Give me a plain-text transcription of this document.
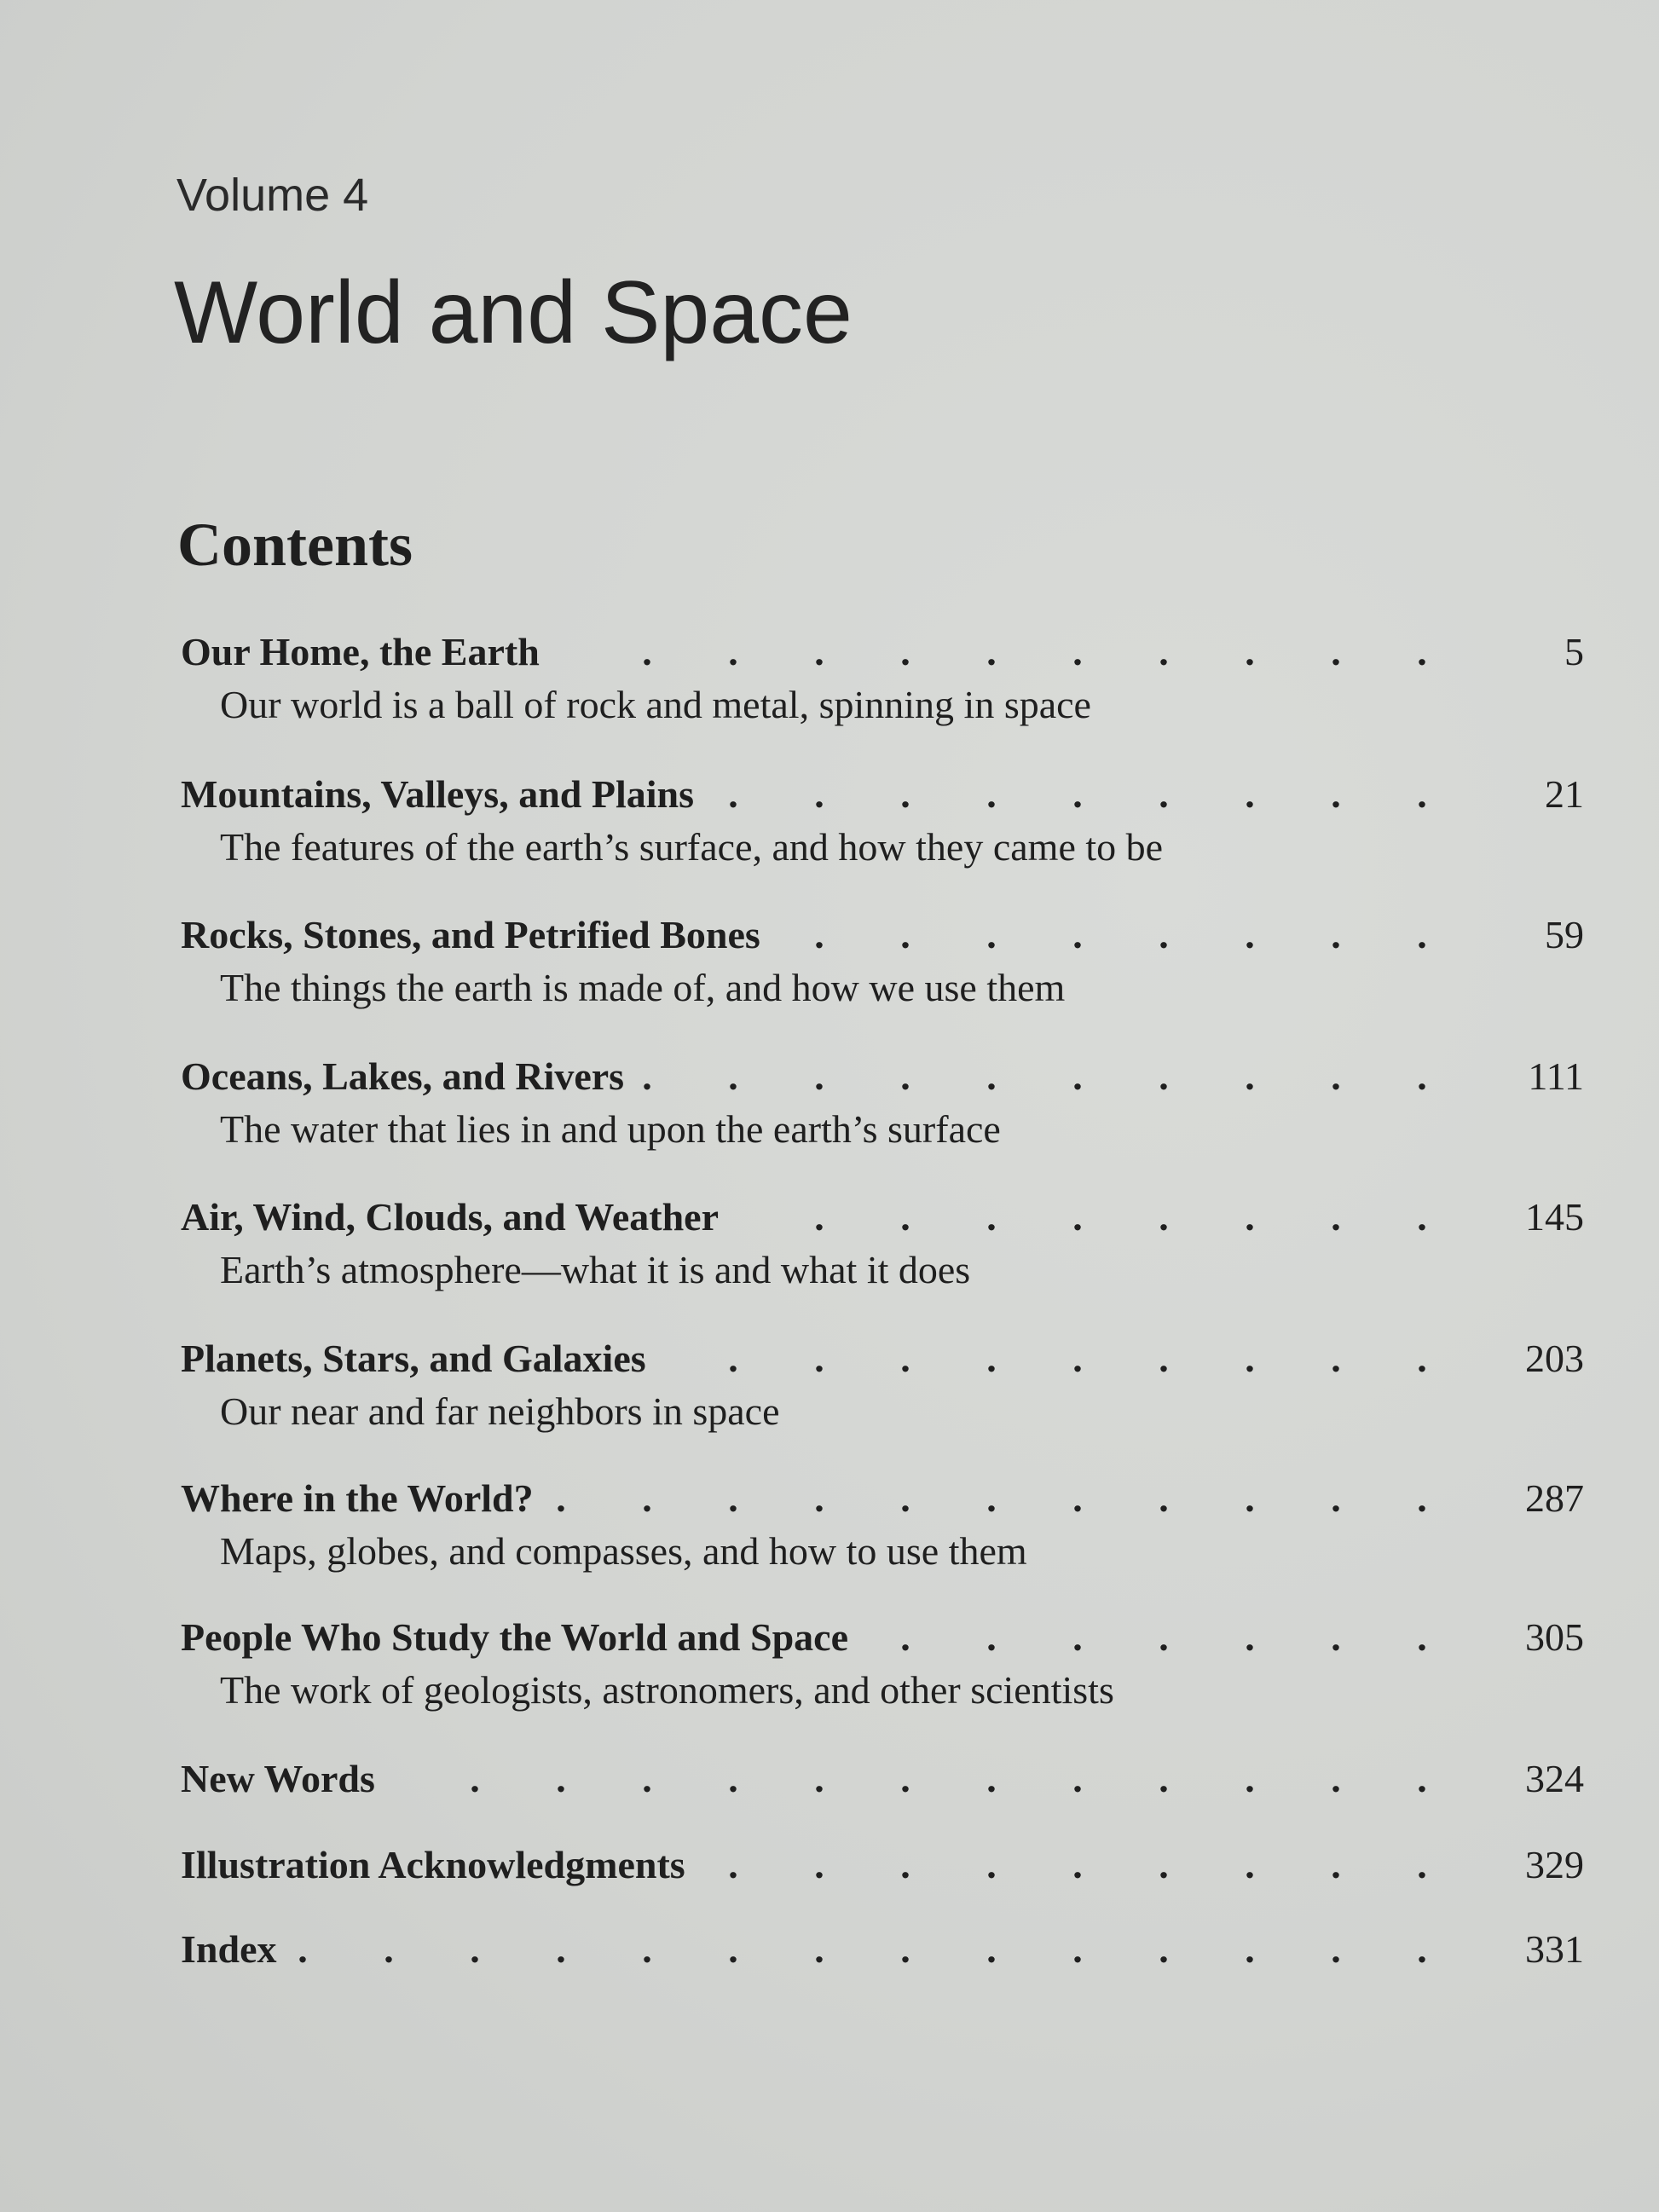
Volume 4
World and Space
Contents
Our Home, the Earth	5
.
.
.
.
.
.
.
.
.
.
Our world is a ball of rock and metal, spinning in space
Mountains, Valleys, and Plains	21
.
.
.
.
.
.
.
.
.
The features of the earth’s surface, and how they came to be
Rocks, Stones, and Petrified Bones	59
.
.
.
.
.
.
.
.
The things the earth is made of, and how we use them
Oceans, Lakes, and Rivers	111
.
.
.
.
.
.
.
.
.
.
The water that lies in and upon the earth’s surface
Air, Wind, Clouds, and Weather	145
.
.
.
.
.
.
.
.
Earth’s atmosphere—what it is and what it does
Planets, Stars, and Galaxies	203
.
.
.
.
.
.
.
.
.
Our near and far neighbors in space
Where in the World?	287
.
.
.
.
.
.
.
.
.
.
.
Maps, globes, and compasses, and how to use them
People Who Study the World and Space	305
.
.
.
.
.
.
.
The work of geologists, astronomers, and other scientists
New Words	324
.
.
.
.
.
.
.
.
.
.
.
.
Illustration Acknowledgments	329
.
.
.
.
.
.
.
.
.
Index	331
.
.
.
.
.
.
.
.
.
.
.
.
.
.
